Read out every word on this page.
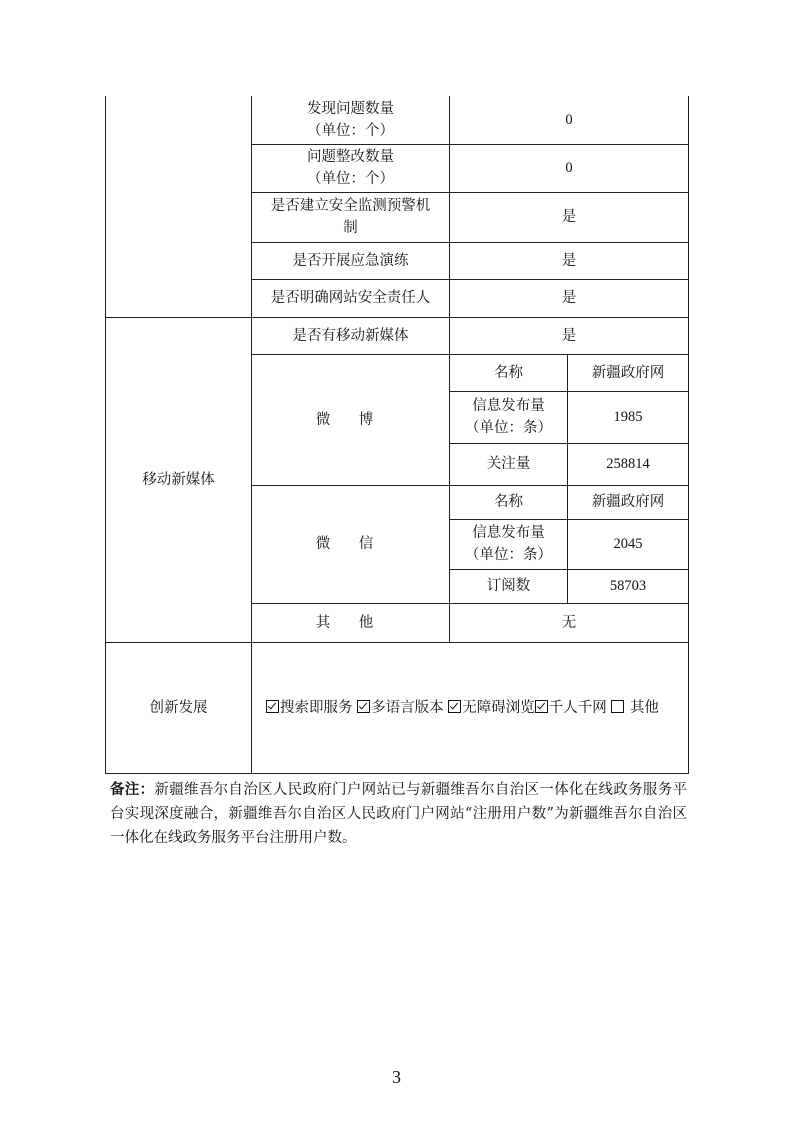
	发现问题数量
（单位：个）	0	

	问题整改数量
（单位：个）	0	

	是否建立安全监测预警机
制	是	
	是否开展应急演练	是	
	是否明确网站安全责任人	是	
移动新媒体	是否有移动新媒体	是	
	微 博	名称	新疆政府网

		信息发布量
（单位：条）	1985
		关注量	258814
	微 信	名称	新疆政府网

		信息发布量
（单位：条）	2045
		订阅数	58703
	其 他	无	
创新发展	搜索即服务 多语言版本 无障碍浏览 千人千网 其他		

备注：新疆维吾尔自治区人民政府门户网站已与新疆维吾尔自治区一体化在线政务服务平台实现深度融合，新疆维吾尔自治区人民政府门户网站“注册用户数”为新疆维吾尔自治区一体化在线政务服务平台注册用户数。

3
